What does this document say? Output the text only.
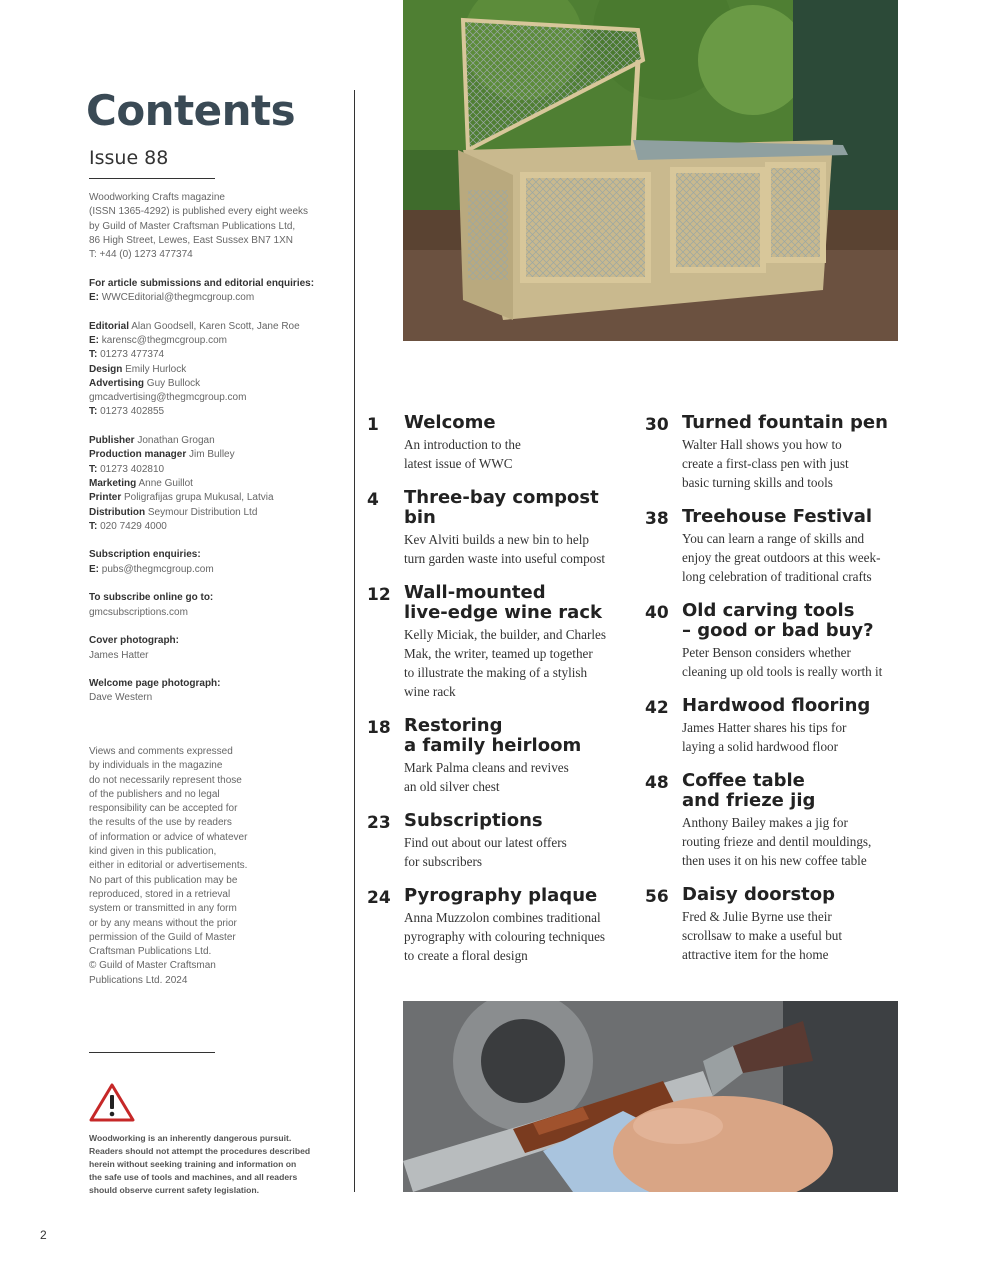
Contents

Issue 88

Woodworking Crafts magazine
(ISSN 1365-4292) is published every eight weeks
by Guild of Master Craftsman Publications Ltd,
86 High Street, Lewes, East Sussex BN7 1XN
T: +44 (0) 1273 477374

For article submissions and editorial enquiries:
E: WWCEditorial@thegmcgroup.com

Editorial Alan Goodsell, Karen Scott, Jane Roe
E: karensc@thegmcgroup.com
T: 01273 477374
Design Emily Hurlock
Advertising Guy Bullock
gmcadvertising@thegmcgroup.com
T: 01273 402855

Publisher Jonathan Grogan
Production manager Jim Bulley
T: 01273 402810
Marketing Anne Guillot
Printer Poligrafijas grupa Mukusal, Latvia
Distribution Seymour Distribution Ltd
T: 020 7429 4000

Subscription enquiries:
E: pubs@thegmcgroup.com

To subscribe online go to:
gmcsubscriptions.com

Cover photograph:
James Hatter

Welcome page photograph:
Dave Western

Views and comments expressed
by individuals in the magazine
do not necessarily represent those
of the publishers and no legal
responsibility can be accepted for
the results of the use by readers
of information or advice of whatever
kind given in this publication,
either in editorial or advertisements.
No part of this publication may be
reproduced, stored in a retrieval
system or transmitted in any form
or by any means without the prior
permission of the Guild of Master
Craftsman Publications Ltd.
© Guild of Master Craftsman
Publications Ltd. 2024

Woodworking is an inherently dangerous pursuit.
Readers should not attempt the procedures described
herein without seeking training and information on
the safe use of tools and machines, and all readers
should observe current safety legislation.

1 Welcome

An introduction to the
latest issue of WWC

4 Three-bay compost bin

Kev Alviti builds a new bin to help
turn garden waste into useful compost

12 Wall-mounted
live-edge wine rack

Kelly Miciak, the builder, and Charles
Mak, the writer, teamed up together
to illustrate the making of a stylish
wine rack

18 Restoring
a family heirloom

Mark Palma cleans and revives
an old silver chest

23 Subscriptions

Find out about our latest offers
for subscribers

24 Pyrography plaque

Anna Muzzolon combines traditional
pyrography with colouring techniques
to create a floral design

30 Turned fountain pen

Walter Hall shows you how to
create a first-class pen with just
basic turning skills and tools

38 Treehouse Festival

You can learn a range of skills and
enjoy the great outdoors at this week-
long celebration of traditional crafts

40 Old carving tools
– good or bad buy?

Peter Benson considers whether
cleaning up old tools is really worth it

42 Hardwood flooring

James Hatter shares his tips for
laying a solid hardwood floor

48 Coffee table
and frieze jig

Anthony Bailey makes a jig for
routing frieze and dentil mouldings,
then uses it on his new coffee table

56 Daisy doorstop

Fred & Julie Byrne use their
scrollsaw to make a useful but
attractive item for the home

2
